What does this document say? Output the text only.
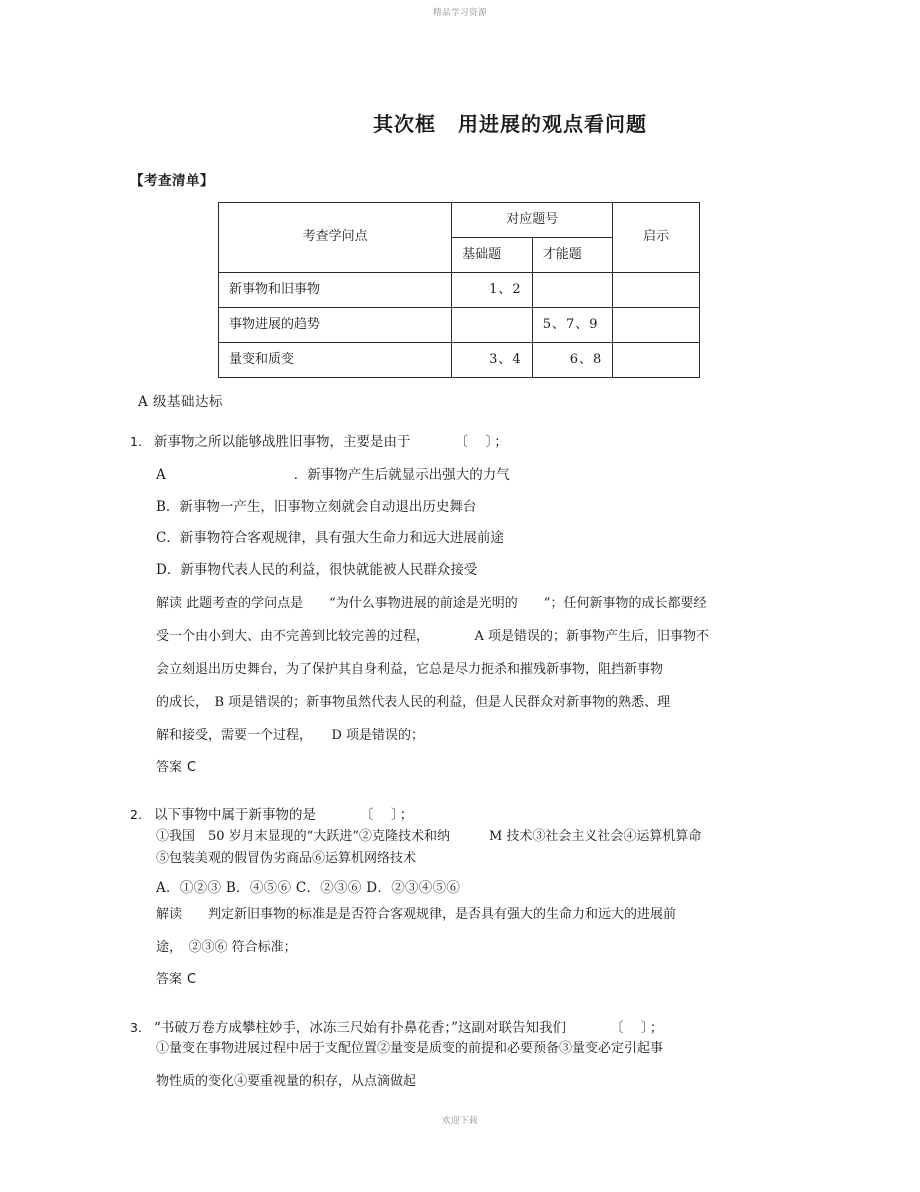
精品学习资源
其次框 用进展的观点看问题
【考查清单】
考查学问点	对应题号		启示
	基础题	才能题	
新事物和旧事物	1、2		
事物进展的趋势		5、7、9	
量变和质变	3、4	6、8	
A 级基础达标
1. 新事物之所以能够战胜旧事物，主要是由于	〔　〕；
A	．新事物产生后就显示出强大的力气
B．新事物一产生，旧事物立刻就会自动退出历史舞台
C．新事物符合客观规律，具有强大生命力和远大进展前途
D．新事物代表人民的利益，很快就能被人民群众接受
解读 此题考查的学问点是　　“为什么事物进展的前途是光明的　　”；任何新事物的成长都要经
受一个由小到大、由不完善到比较完善的过程，　　　　A 项是错误的；新事物产生后，旧事物不
会立刻退出历史舞台，为了保护其自身利益，它总是尽力扼杀和摧残新事物，阻挡新事物
的成长，　B 项是错误的；新事物虽然代表人民的利益，但是人民群众对新事物的熟悉、理
解和接受，需要一个过程，　　D 项是错误的；
答案 C
2. 以下事物中属于新事物的是	〔　〕；
①我国　50 岁月末显现的“大跃进”②克隆技术和纳　　　M 技术③社会主义社会④运算机算命
⑤包装美观的假冒伪劣商品⑥运算机网络技术
A．①②③ B．④⑤⑥ C．②③⑥ D．②③④⑤⑥
解读　　判定新旧事物的标准是是否符合客观规律，是否具有强大的生命力和远大的进展前
途，　②③⑥ 符合标准；
答案 C
3. “书破万卷方成攀柱妙手，冰冻三尺始有扑鼻花香；”这副对联告知我们	〔　〕；
①量变在事物进展过程中居于支配位置②量变是质变的前提和必要预备③量变必定引起事
物性质的变化④要重视量的积存，从点滴做起
欢迎下载
